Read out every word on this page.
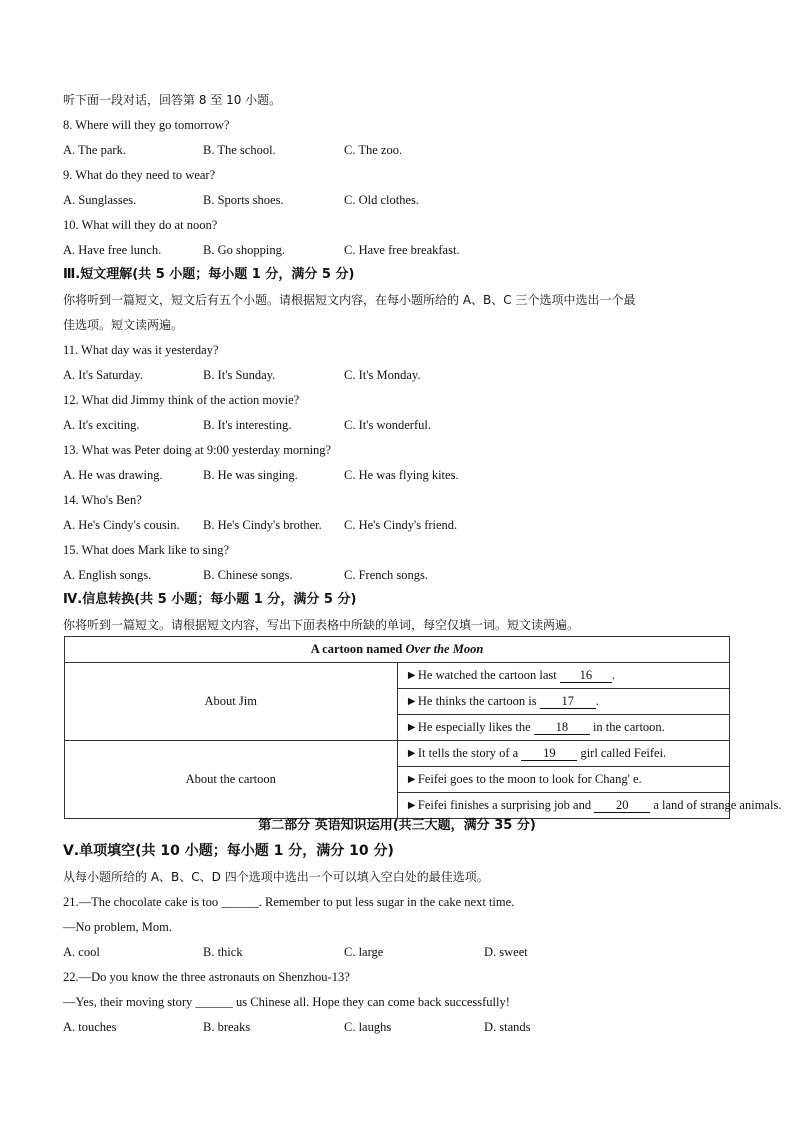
听下面一段对话，回答第 8 至 10 小题。
8. Where will they go tomorrow?
A. The park.	B. The school.	C. The zoo.
9. What do they need to wear?
A. Sunglasses.	B. Sports shoes.	C. Old clothes.
10. What will they do at noon?
A. Have free lunch.	B. Go shopping.	C. Have free breakfast.
Ⅲ.短文理解(共 5 小题；每小题 1 分，满分 5 分)
你将听到一篇短文，短文后有五个小题。请根据短文内容，在每小题所给的 A、B、C 三个选项中选出一个最
佳选项。短文读两遍。
11. What day was it yesterday?
A. It's Saturday.	B. It's Sunday.	C. It's Monday.
12. What did Jimmy think of the action movie?
A. It's exciting.	B. It's interesting.	C. It's wonderful.
13. What was Peter doing at 9:00 yesterday morning?
A. He was drawing.	B. He was singing.	C. He was flying kites.
14. Who's Ben?
A. He's Cindy's cousin. B. He's Cindy's brother. C. He's Cindy's friend.
15. What does Mark like to sing?
A. English songs.	B. Chinese songs.	C. French songs.
Ⅳ.信息转换(共 5 小题；每小题 1 分，满分 5 分)
你将听到一篇短文。请根据短文内容，写出下面表格中所缺的单词，每空仅填一词。短文读两遍。
A cartoon named Over the Moon	
About Jim	►He watched the cartoon last 16 .
	►He thinks the cartoon is 17 .
	►He especially likes the 18 in the cartoon.
About the cartoon	►It tells the story of a 19 girl called Feifei.
	►Feifei goes to the moon to look for Chang' e.
	►Feifei finishes a surprising job and 20 a land of strange animals.
第二部分 英语知识运用(共三大题，满分 35 分)
Ⅴ.单项填空(共 10 小题；每小题 1 分，满分 10 分)
从每小题所给的 A、B、C、D 四个选项中选出一个可以填入空白处的最佳选项。
21.—The chocolate cake is too ______. Remember to put less sugar in the cake next time.
—No problem, Mom.
A. cool	B. thick	C. large	D. sweet
22.—Do you know the three astronauts on Shenzhou-13?
—Yes, their moving story ______ us Chinese all. Hope they can come back successfully!
A. touches	B. breaks	C. laughs	D. stands
